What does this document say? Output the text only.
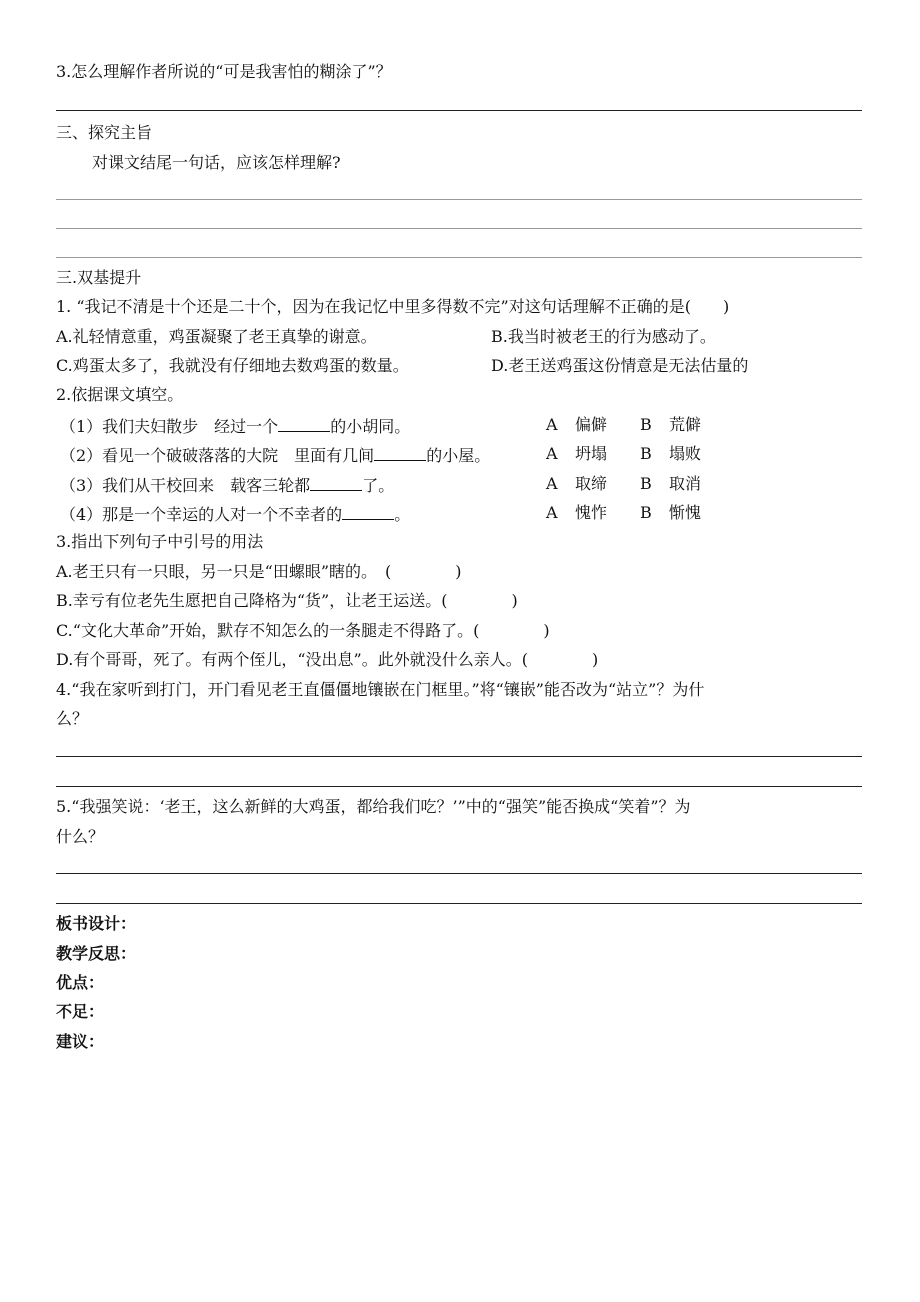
3.怎么理解作者所说的“可是我害怕的糊涂了”？
三、探究主旨
对课文结尾一句话，应该怎样理解?
三.双基提升
1. “我记不清是十个还是二十个，因为在我记忆中里多得数不完”对这句话理解不正确的是(　　)
A.礼轻情意重，鸡蛋凝聚了老王真挚的谢意。	B.我当时被老王的行为感动了。
C.鸡蛋太多了，我就没有仔细地去数鸡蛋的数量。	D.老王送鸡蛋这份情意是无法估量的
2.依据课文填空。
（1）我们夫妇散步　经过一个	的小胡同。	A 偏僻 B 荒僻
（2）看见一个破破落落的大院　里面有几间	的小屋。	A 坍塌 B 塌败
（3）我们从干校回来　载客三轮都	了。	A 取缔 B 取消
（4）那是一个幸运的人对一个不幸者的	。	A 愧怍 B 惭愧
3.指出下列句子中引号的用法
A.老王只有一只眼，另一只是“田螺眼”瞎的。　(　　　　)
B.幸亏有位老先生愿把自己降格为“货”，让老王运送。(　　　　)
C.“文化大革命”开始，默存不知怎么的一条腿走不得路了。(　　　　)
D.有个哥哥，死了。有两个侄儿，“没出息”。此外就没什么亲人。(　　　　)
4.“我在家听到打门，开门看见老王直僵僵地镶嵌在门框里。”将“镶嵌”能否改为“站立”？为什
么？
5.“我强笑说：‘老王，这么新鲜的大鸡蛋，都给我们吃？’”中的“强笑”能否换成“笑着”？为
什么？
板书设计：
教学反思：
优点：
不足：
建议：
